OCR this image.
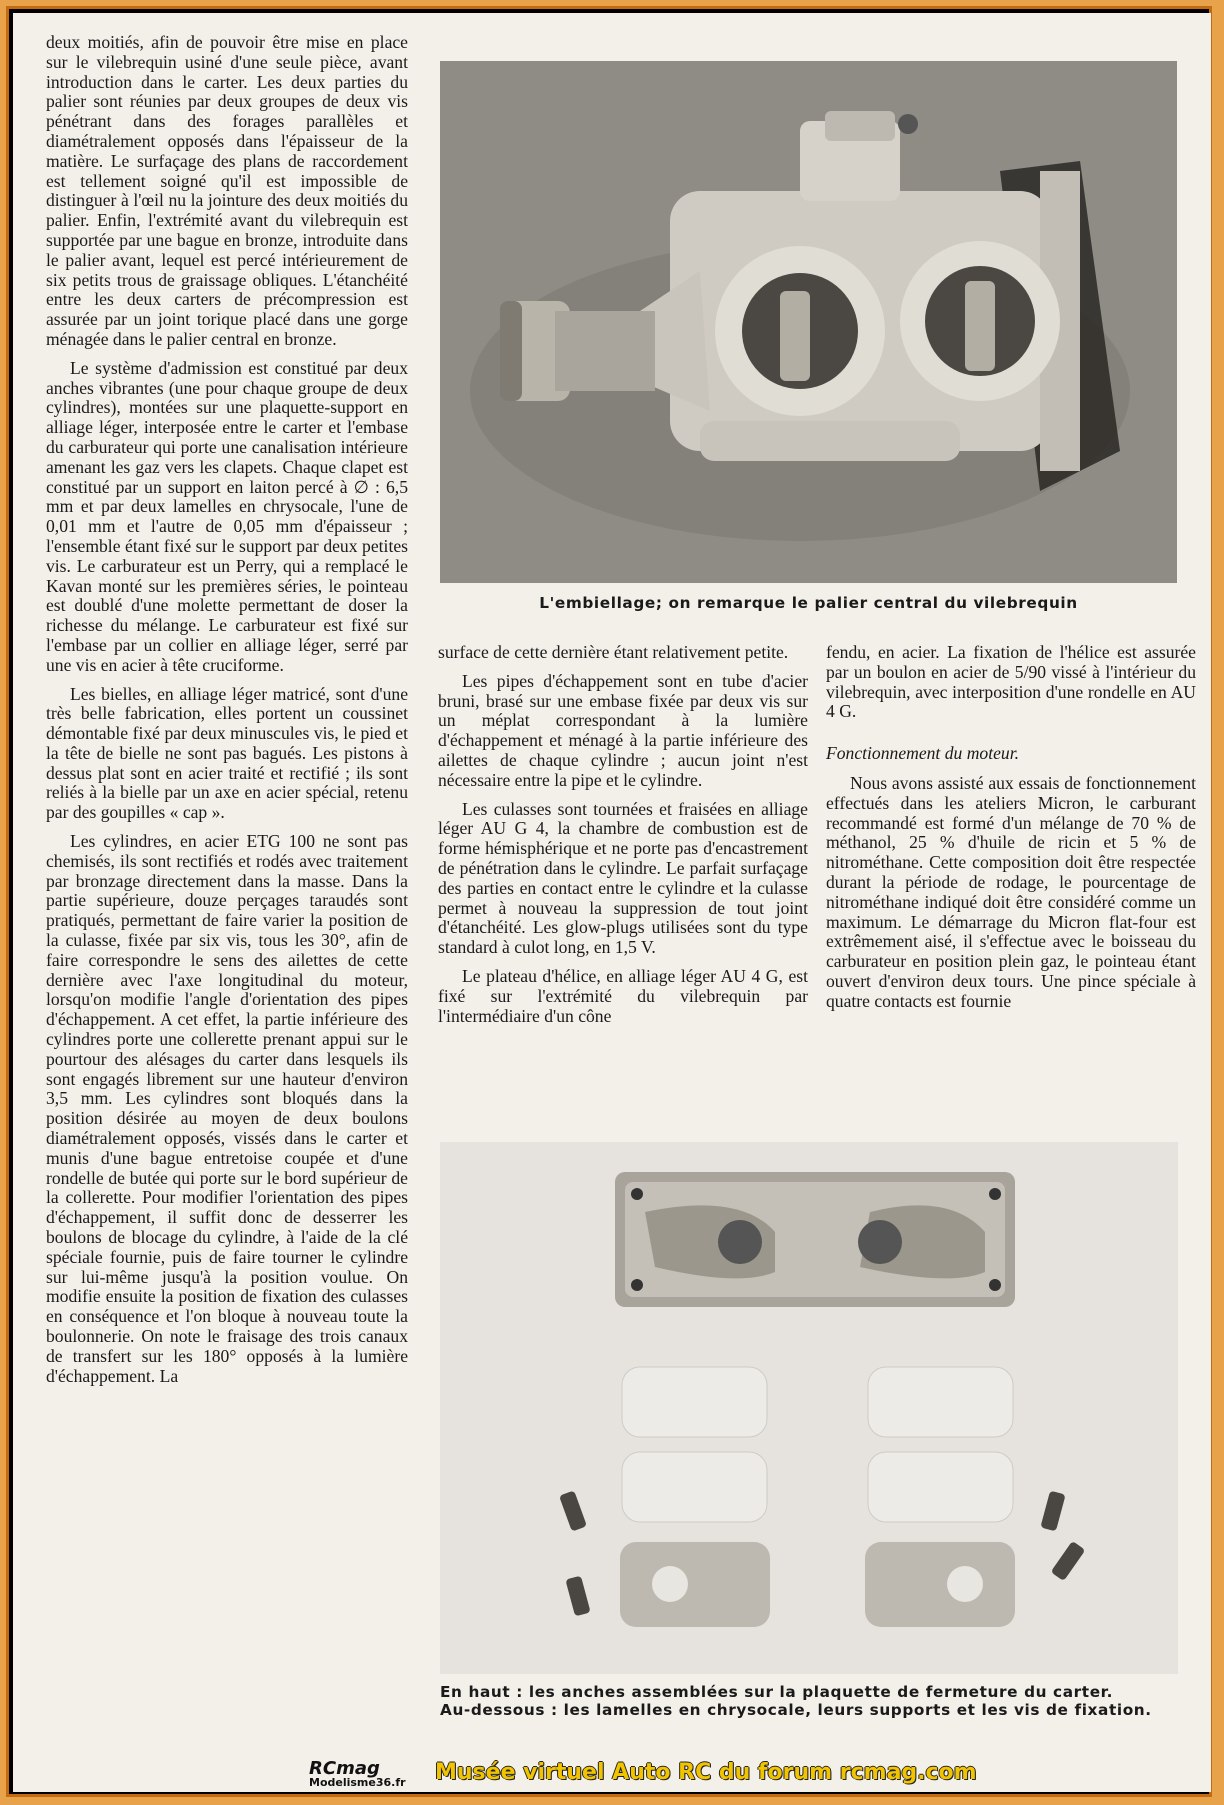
deux moitiés, afin de pouvoir être mise en place sur le vilebrequin usiné d'une seule pièce, avant introduction dans le carter. Les deux parties du palier sont réunies par deux groupes de deux vis pénétrant dans des forages parallèles et diamétralement opposés dans l'épaisseur de la matière. Le surfaçage des plans de raccordement est tellement soigné qu'il est impossible de distinguer à l'œil nu la jointure des deux moitiés du palier. Enfin, l'extrémité avant du vilebrequin est supportée par une bague en bronze, introduite dans le palier avant, lequel est percé intérieurement de six petits trous de graissage obliques. L'étanchéité entre les deux carters de précompression est assurée par un joint torique placé dans une gorge ménagée dans le palier central en bronze.

Le système d'admission est constitué par deux anches vibrantes (une pour chaque groupe de deux cylindres), montées sur une plaquette-support en alliage léger, interposée entre le carter et l'embase du carburateur qui porte une canalisation intérieure amenant les gaz vers les clapets. Chaque clapet est constitué par un support en laiton percé à ∅ : 6,5 mm et par deux lamelles en chrysocale, l'une de 0,01 mm et l'autre de 0,05 mm d'épaisseur ; l'ensemble étant fixé sur le support par deux petites vis. Le carburateur est un Perry, qui a remplacé le Kavan monté sur les premières séries, le pointeau est doublé d'une molette permettant de doser la richesse du mélange. Le carburateur est fixé sur l'embase par un collier en alliage léger, serré par une vis en acier à tête cruciforme.

Les bielles, en alliage léger matricé, sont d'une très belle fabrication, elles portent un coussinet démontable fixé par deux minuscules vis, le pied et la tête de bielle ne sont pas bagués. Les pistons à dessus plat sont en acier traité et rectifié ; ils sont reliés à la bielle par un axe en acier spécial, retenu par des goupilles « cap ».

Les cylindres, en acier ETG 100 ne sont pas chemisés, ils sont rectifiés et rodés avec traitement par bronzage directement dans la masse. Dans la partie supérieure, douze perçages taraudés sont pratiqués, permettant de faire varier la position de la culasse, fixée par six vis, tous les 30°, afin de faire correspondre le sens des ailettes de cette dernière avec l'axe longitudinal du moteur, lorsqu'on modifie l'angle d'orientation des pipes d'échappement. A cet effet, la partie inférieure des cylindres porte une collerette prenant appui sur le pourtour des alésages du carter dans lesquels ils sont engagés librement sur une hauteur d'environ 3,5 mm. Les cylindres sont bloqués dans la position désirée au moyen de deux boulons diamétralement opposés, vissés dans le carter et munis d'une bague entretoise coupée et d'une rondelle de butée qui porte sur le bord supérieur de la collerette. Pour modifier l'orientation des pipes d'échappement, il suffit donc de desserrer les boulons de blocage du cylindre, à l'aide de la clé spéciale fournie, puis de faire tourner le cylindre sur lui-même jusqu'à la position voulue. On modifie ensuite la position de fixation des culasses en conséquence et l'on bloque à nouveau toute la boulonnerie. On note le fraisage des trois canaux de transfert sur les 180° opposés à la lumière d'échappement. La

L'embiellage; on remarque le palier central du vilebrequin

surface de cette dernière étant relativement petite.

Les pipes d'échappement sont en tube d'acier bruni, brasé sur une embase fixée par deux vis sur un méplat correspondant à la lumière d'échappement et ménagé à la partie inférieure des ailettes de chaque cylindre ; aucun joint n'est nécessaire entre la pipe et le cylindre.

Les culasses sont tournées et fraisées en alliage léger AU G 4, la chambre de combustion est de forme hémisphérique et ne porte pas d'encastrement de pénétration dans le cylindre. Le parfait surfaçage des parties en contact entre le cylindre et la culasse permet à nouveau la suppression de tout joint d'étanchéité. Les glow-plugs utilisées sont du type standard à culot long, en 1,5 V.

Le plateau d'hélice, en alliage léger AU 4 G, est fixé sur l'extrémité du vilebrequin par l'intermédiaire d'un cône

fendu, en acier. La fixation de l'hélice est assurée par un boulon en acier de 5/90 vissé à l'intérieur du vilebrequin, avec interposition d'une rondelle en AU 4 G.

Fonctionnement du moteur.

Nous avons assisté aux essais de fonctionnement effectués dans les ateliers Micron, le carburant recommandé est formé d'un mélange de 70 % de méthanol, 25 % d'huile de ricin et 5 % de nitrométhane. Cette composition doit être respectée durant la période de rodage, le pourcentage de nitrométhane indiqué doit être considéré comme un maximum. Le démarrage du Micron flat-four est extrêmement aisé, il s'effectue avec le boisseau du carburateur en position plein gaz, le pointeau étant ouvert d'environ deux tours. Une pince spéciale à quatre contacts est fournie

En haut : les anches assemblées sur la plaquette de fermeture du carter.
Au-dessous : les lamelles en chrysocale, leurs supports et les vis de fixation.
RCmag
Modelisme36.fr	Musée virtuel Auto RC du forum rcmag.com
